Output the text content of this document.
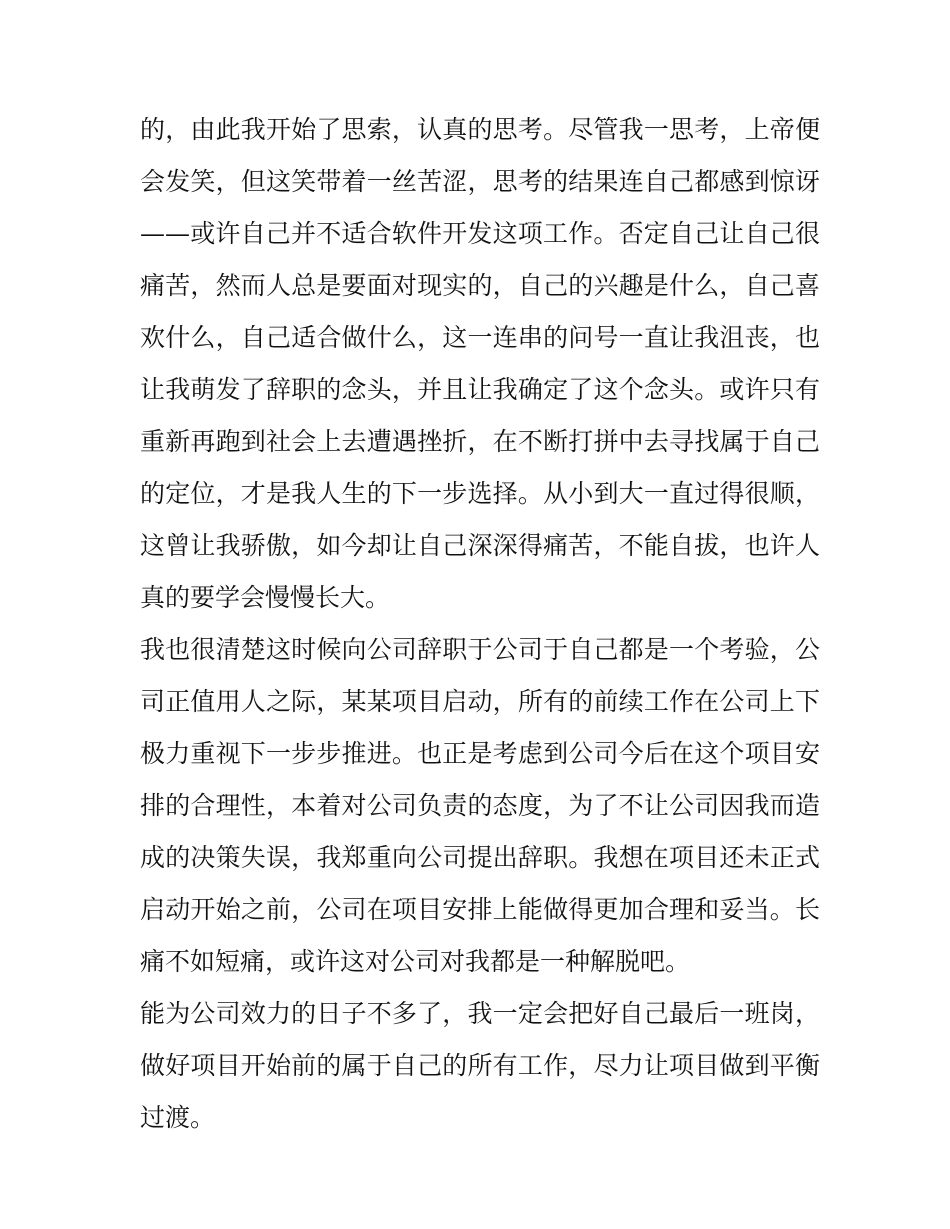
的，由此我开始了思索，认真的思考。尽管我一思考，上帝便
会发笑，但这笑带着一丝苦涩，思考的结果连自己都感到惊讶
——或许自己并不适合软件开发这项工作。否定自己让自己很
痛苦，然而人总是要面对现实的，自己的兴趣是什么，自己喜
欢什么，自己适合做什么，这一连串的问号一直让我沮丧，也
让我萌发了辞职的念头，并且让我确定了这个念头。或许只有
重新再跑到社会上去遭遇挫折，在不断打拼中去寻找属于自己
的定位，才是我人生的下一步选择。从小到大一直过得很顺，
这曾让我骄傲，如今却让自己深深得痛苦，不能自拔，也许人
真的要学会慢慢长大。
我也很清楚这时候向公司辞职于公司于自己都是一个考验，公
司正值用人之际，某某项目启动，所有的前续工作在公司上下
极力重视下一步步推进。也正是考虑到公司今后在这个项目安
排的合理性，本着对公司负责的态度，为了不让公司因我而造
成的决策失误，我郑重向公司提出辞职。我想在项目还未正式
启动开始之前，公司在项目安排上能做得更加合理和妥当。长
痛不如短痛，或许这对公司对我都是一种解脱吧。
能为公司效力的日子不多了，我一定会把好自己最后一班岗，
做好项目开始前的属于自己的所有工作，尽力让项目做到平衡
过渡。
